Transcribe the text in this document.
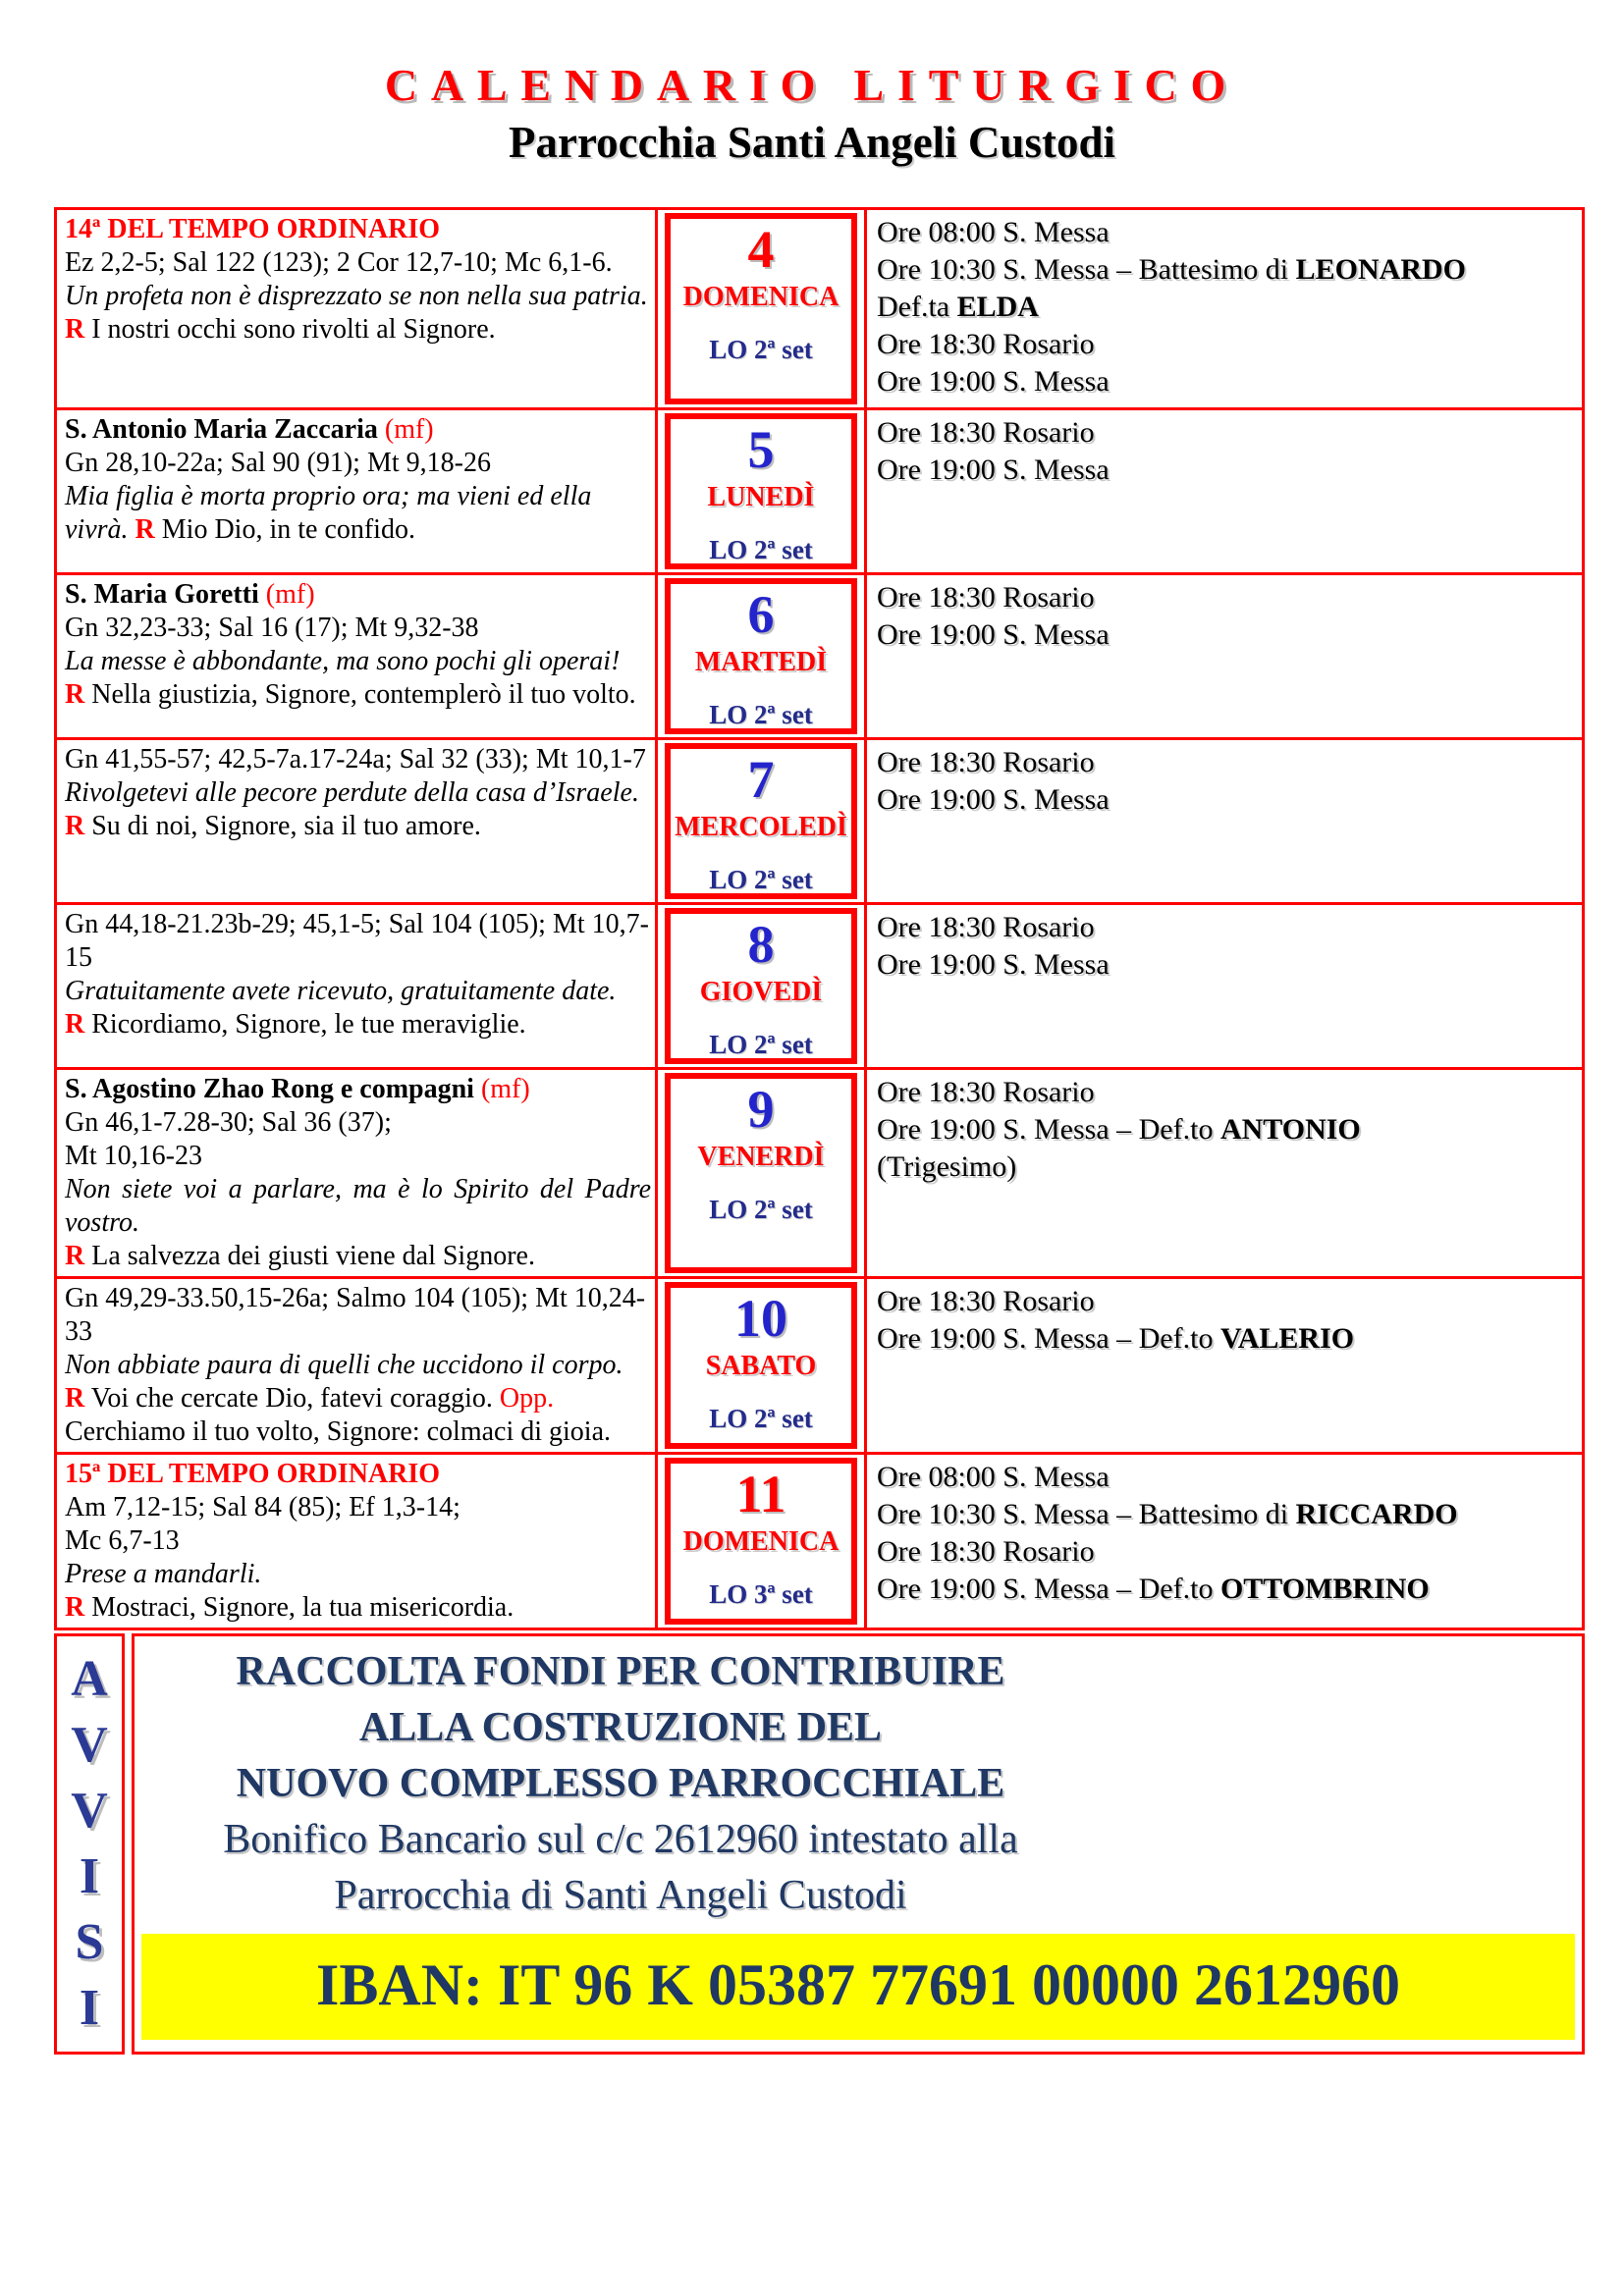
CALENDARIO LITURGICO
Parrocchia Santi Angeli Custodi
14ª DEL TEMPO ORDINARIO
Ez 2,2-5; Sal 122 (123); 2 Cor 12,7-10; Mc 6,1-6.
Un profeta non è disprezzato se non nella sua patria.
R I nostri occhi sono rivolti al Signore.
4
DOMENICA
LO 2ª set
Ore 08:00 S. Messa
Ore 10:30 S. Messa – Battesimo di LEONARDO
Def.ta ELDA
Ore 18:30 Rosario
Ore 19:00 S. Messa
S. Antonio Maria Zaccaria (mf)
Gn 28,10-22a; Sal 90 (91); Mt 9,18-26
Mia figlia è morta proprio ora; ma vieni ed ella vivrà. R Mio Dio, in te confido.
5
LUNEDÌ
LO 2ª set
Ore 18:30 Rosario
Ore 19:00 S. Messa
S. Maria Goretti (mf)
Gn 32,23-33; Sal 16 (17); Mt 9,32-38
La messe è abbondante, ma sono pochi gli operai!
R Nella giustizia, Signore, contemplerò il tuo volto.
6
MARTEDÌ
LO 2ª set
Ore 18:30 Rosario
Ore 19:00 S. Messa
Gn 41,55-57; 42,5-7a.17-24a; Sal 32 (33); Mt 10,1-7
Rivolgetevi alle pecore perdute della casa d’Israele.
R Su di noi, Signore, sia il tuo amore.
7
MERCOLEDÌ
LO 2ª set
Ore 18:30 Rosario
Ore 19:00 S. Messa
Gn 44,18-21.23b-29; 45,1-5; Sal 104 (105); Mt 10,7-
15
Gratuitamente avete ricevuto, gratuitamente date.
R Ricordiamo, Signore, le tue meraviglie.
8
GIOVEDÌ
LO 2ª set
Ore 18:30 Rosario
Ore 19:00 S. Messa
S. Agostino Zhao Rong e compagni (mf)
Gn 46,1-7.28-30; Sal 36 (37);
Mt 10,16-23
Non siete voi a parlare, ma è lo Spirito del Padre vostro.
R La salvezza dei giusti viene dal Signore.
9
VENERDÌ
LO 2ª set
Ore 18:30 Rosario
Ore 19:00 S. Messa – Def.to ANTONIO
(Trigesimo)
Gn 49,29-33.50,15-26a; Salmo 104 (105); Mt 10,24-
33
Non abbiate paura di quelli che uccidono il corpo.
R Voi che cercate Dio, fatevi coraggio. Opp.
Cerchiamo il tuo volto, Signore: colmaci di gioia.
10
SABATO
LO 2ª set
Ore 18:30 Rosario
Ore 19:00 S. Messa – Def.to VALERIO
15ª DEL TEMPO ORDINARIO
Am 7,12-15; Sal 84 (85); Ef 1,3-14;
Mc 6,7-13
Prese a mandarli.
R Mostraci, Signore, la tua misericordia.
11
DOMENICA
LO 3ª set
Ore 08:00 S. Messa
Ore 10:30 S. Messa – Battesimo di RICCARDO
Ore 18:30 Rosario
Ore 19:00 S. Messa – Def.to OTTOMBRINO
A
V
V
I
S
I
RACCOLTA FONDI PER CONTRIBUIRE
ALLA COSTRUZIONE DEL
NUOVO COMPLESSO PARROCCHIALE
Bonifico Bancario sul c/c 2612960 intestato alla
Parrocchia di Santi Angeli Custodi
IBAN: IT 96 K 05387 77691 00000 2612960
